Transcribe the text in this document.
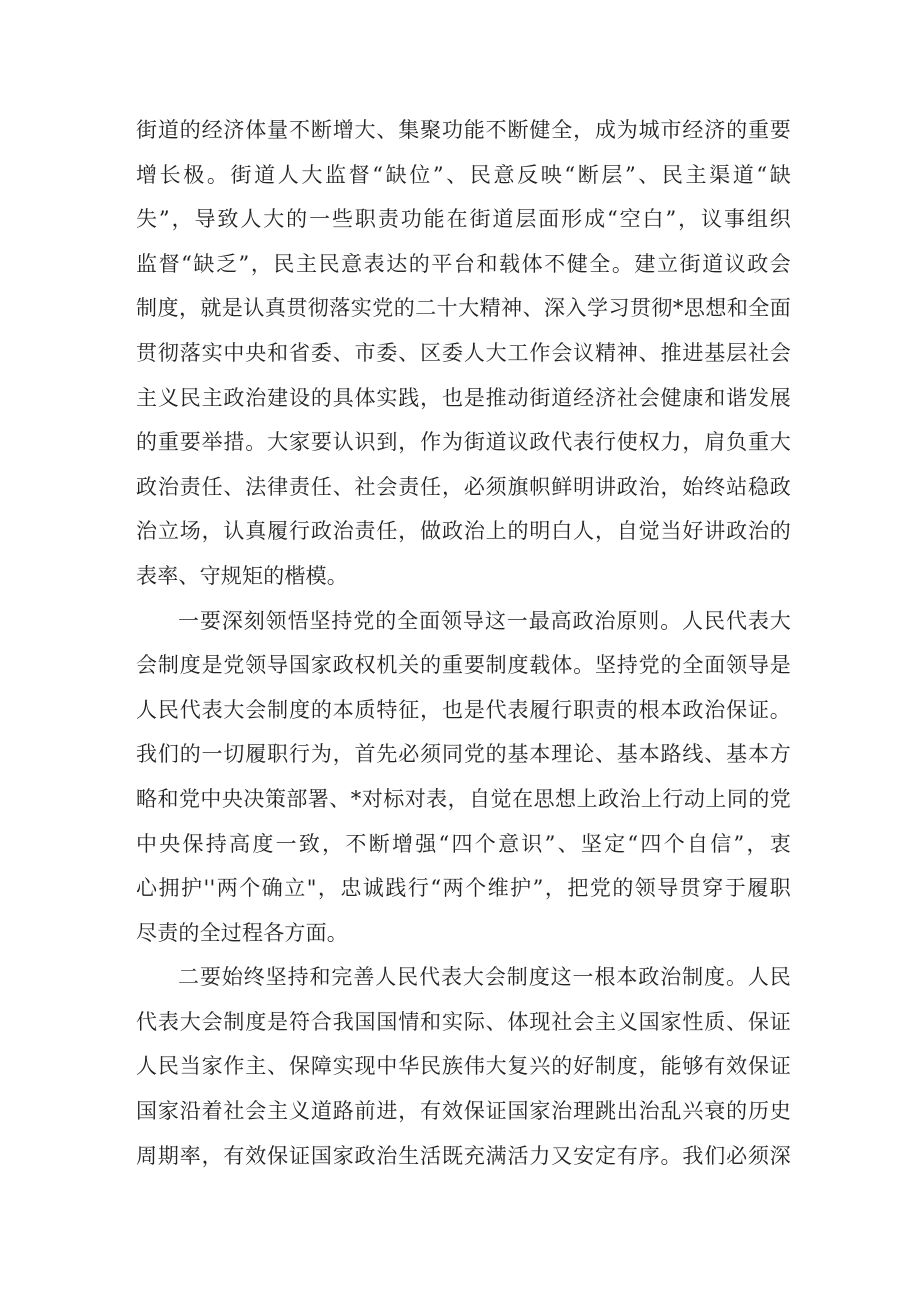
街道的经济体量不断增大、集聚功能不断健全，成为城市经济的重要
增长极。街道人大监督“缺位”、民意反映“断层”、民主渠道“缺
失”，导致人大的一些职责功能在街道层面形成“空白”，议事组织
监督“缺乏”，民主民意表达的平台和载体不健全。建立街道议政会
制度，就是认真贯彻落实党的二十大精神、深入学习贯彻*思想和全面
贯彻落实中央和省委、市委、区委人大工作会议精神、推进基层社会
主义民主政治建设的具体实践，也是推动街道经济社会健康和谐发展
的重要举措。大家要认识到，作为街道议政代表行使权力，肩负重大
政治责任、法律责任、社会责任，必须旗帜鲜明讲政治，始终站稳政
治立场，认真履行政治责任，做政治上的明白人，自觉当好讲政治的
表率、守规矩的楷模。
一要深刻领悟坚持党的全面领导这一最高政治原则。人民代表大
会制度是党领导国家政权机关的重要制度载体。坚持党的全面领导是
人民代表大会制度的本质特征，也是代表履行职责的根本政治保证。
我们的一切履职行为，首先必须同党的基本理论、基本路线、基本方
略和党中央决策部署、*对标对表，自觉在思想上政治上行动上同的党
中央保持高度一致，不断增强“四个意识”、坚定“四个自信”，衷
心拥护''两个确立"，忠诚践行“两个维护”，把党的领导贯穿于履职
尽责的全过程各方面。
二要始终坚持和完善人民代表大会制度这一根本政治制度。人民
代表大会制度是符合我国国情和实际、体现社会主义国家性质、保证
人民当家作主、保障实现中华民族伟大复兴的好制度，能够有效保证
国家沿着社会主义道路前进，有效保证国家治理跳出治乱兴衰的历史
周期率，有效保证国家政治生活既充满活力又安定有序。我们必须深
